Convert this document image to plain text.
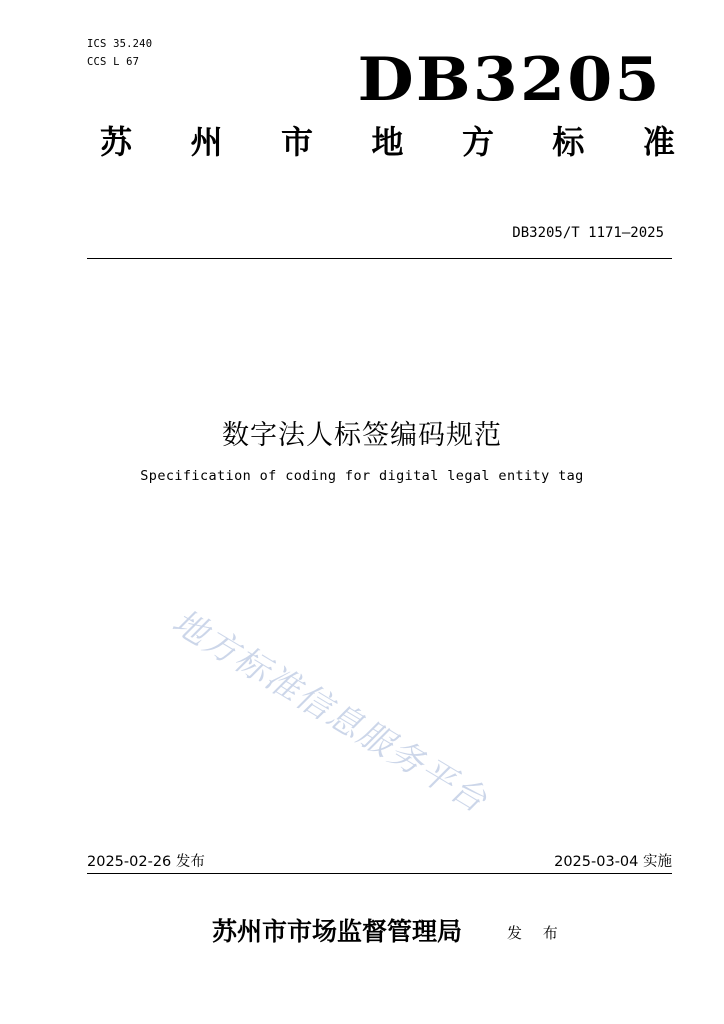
ICS 35.240
CCS L 67	DB3205
苏 州 市 地 方 标 准
DB3205/T 1171—2025
数字法人标签编码规范
Specification of coding for digital legal entity tag
地方标准信息服务平台
2025-02-26 发布	2025-03-04 实施
苏州市市场监督管理局	发 布
